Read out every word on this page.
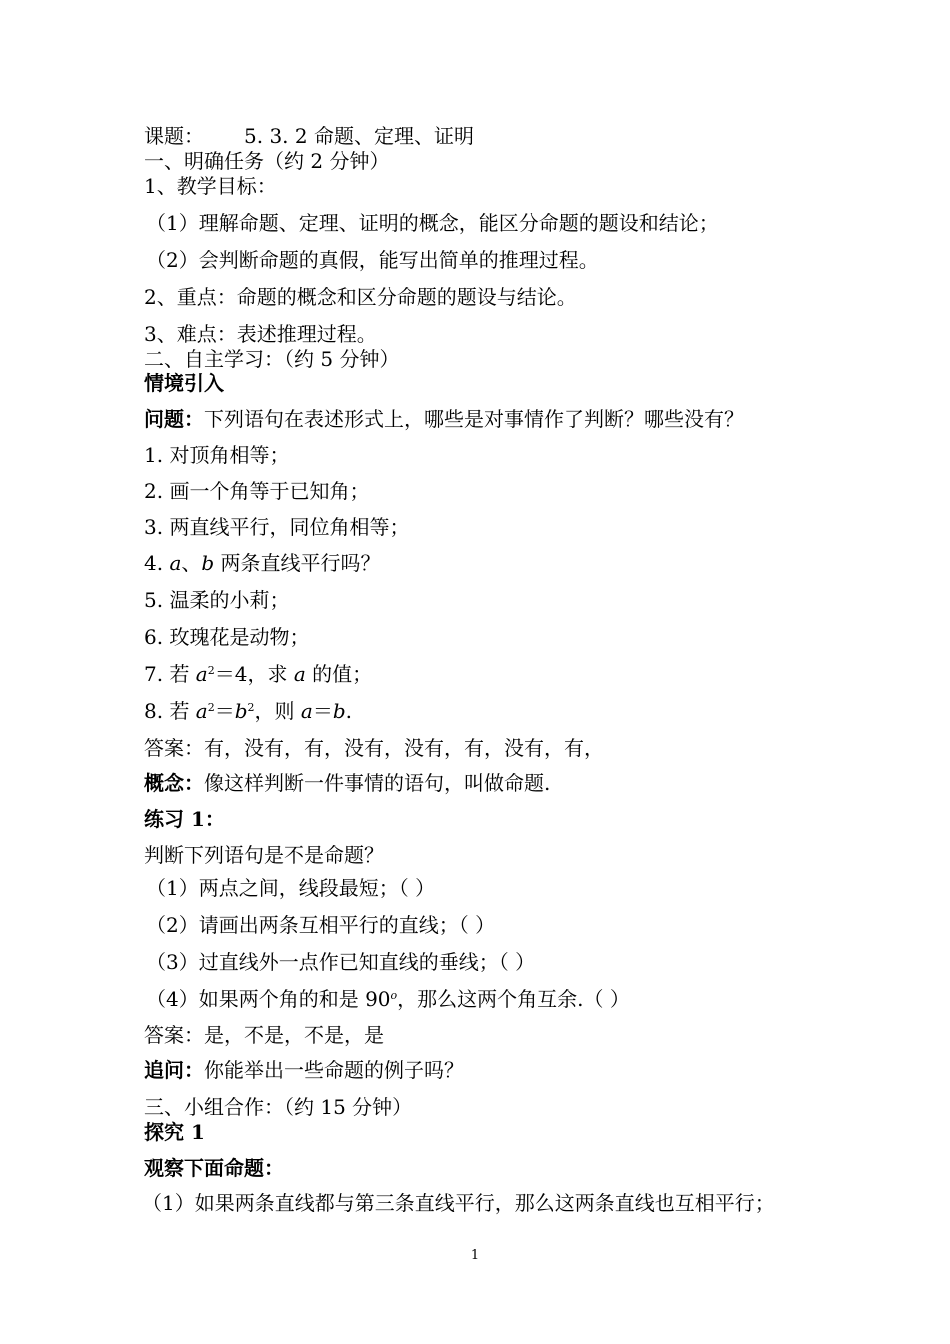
课题： 5. 3. 2 命题、定理、证明
一、明确任务（约 2 分钟）
1、教学目标：
（1）理解命题、定理、证明的概念，能区分命题的题设和结论；
（2）会判断命题的真假，能写出简单的推理过程。
2、重点：命题的概念和区分命题的题设与结论。
3、难点：表述推理过程。
二、自主学习：（约 5 分钟）
情境引入
问题：下列语句在表述形式上，哪些是对事情作了判断？哪些没有？
1. 对顶角相等；
2. 画一个角等于已知角；
3. 两直线平行，同位角相等；
4. a、b 两条直线平行吗？
5. 温柔的小莉；
6. 玫瑰花是动物；
7. 若 $a^2=4$，求 a 的值；
8. 若 $a^2=b^2$，则 a＝b.
答案：有，没有，有，没有，没有，有，没有，有，
概念：像这样判断一件事情的语句，叫做命题.
练习 1：
判断下列语句是不是命题？
（1）两点之间，线段最短；（ ）
（2）请画出两条互相平行的直线；（ ）
（3）过直线外一点作已知直线的垂线；（ ）
（4）如果两个角的和是 90$^o$，那么这两个角互余.（ ）
答案：是，不是，不是，是
追问：你能举出一些命题的例子吗？
三、小组合作：（约 15 分钟）
探究 1
观察下面命题：
（1）如果两条直线都与第三条直线平行，那么这两条直线也互相平行；
1
